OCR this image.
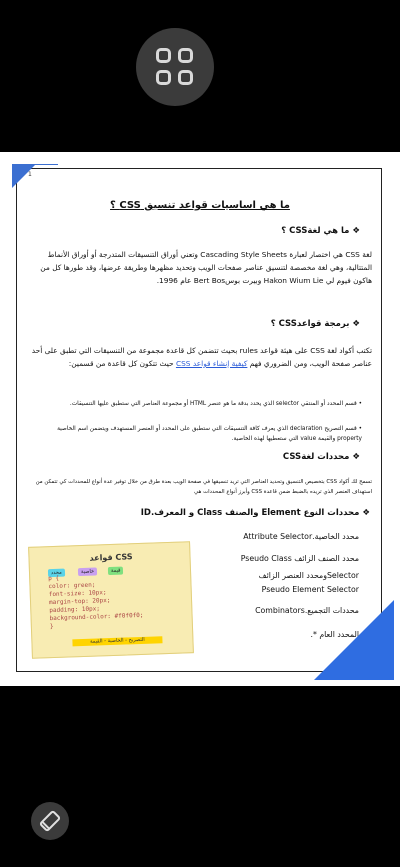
1
ما هي اساسيات قواعد تنسيق CSS ؟
❖ ما هي لغةCSS ؟
لغة CSS هي اختصار لعبارة Cascading Style Sheets وتعني أوراق التنسيقات المتدرجة أو أوراق الأنماط المتتالية، وهي لغة مخصصة لتنسيق عناصر صفحات الويب وتحديد مظهرها وطريقة عرضها، وقد طورها كل من هاكون فيوم لي Hakon Wium Lie وبيرت بوسBert Bos عام 1996.
❖ برمجة قواعدCSS ؟
تكتب أكواد لغة CSS على هيئة قواعد rules بحيث تتضمن كل قاعدة مجموعة من التنسيقات التي تطبق على أحد عناصر صفحة الويب، ومن الضروري فهم كيفية إنشاء قواعد CSS حيث تتكون كل قاعدة من قسمين:
• قسم المحدد أو المنتقي selector الذي يحدد بدقة ما هو عنصر HTML أو مجموعة العناصر التي ستطبق عليها التنسيقات.
• قسم التصريح declaration الذي يعرف كافة التنسيقات التي ستطبق على المحدد أو العنصر المستهدف ويتضمن اسم الخاصية property والقيمة value التي ستعطيها لهذه الخاصية.
❖ محددات لغةCSS
تسمح لك أكواد CSS بتخصيص التنسيق وتحديد العناصر التي تريد تنسيقها في صفحة الويب بعدة طرق من خلال توفير عدة أنواع للمحددات كي تتمكن من استهداف العنصر الذي تريده بالضبط ضمن قاعدة CSS وأبرز أنواع المحددات هي
❖ محددات النوع Element والصنف Class و المعرف.ID
محدد الخاصية.Attribute Selector
محدد الصنف الزائف Pseudo Class
Selectorومحدد العنصر الزائف
Pseudo Element Selector
محددات التجميع.Combinators
المحدد العام *.
قواعد CSS
محدد	خاصية	قيمة
p {
color: green;
font-size: 10px;
margin-top: 20px;
padding: 10px;
background-color: #f0f0f0;
}
التصريح - الخاصية - القيمة
